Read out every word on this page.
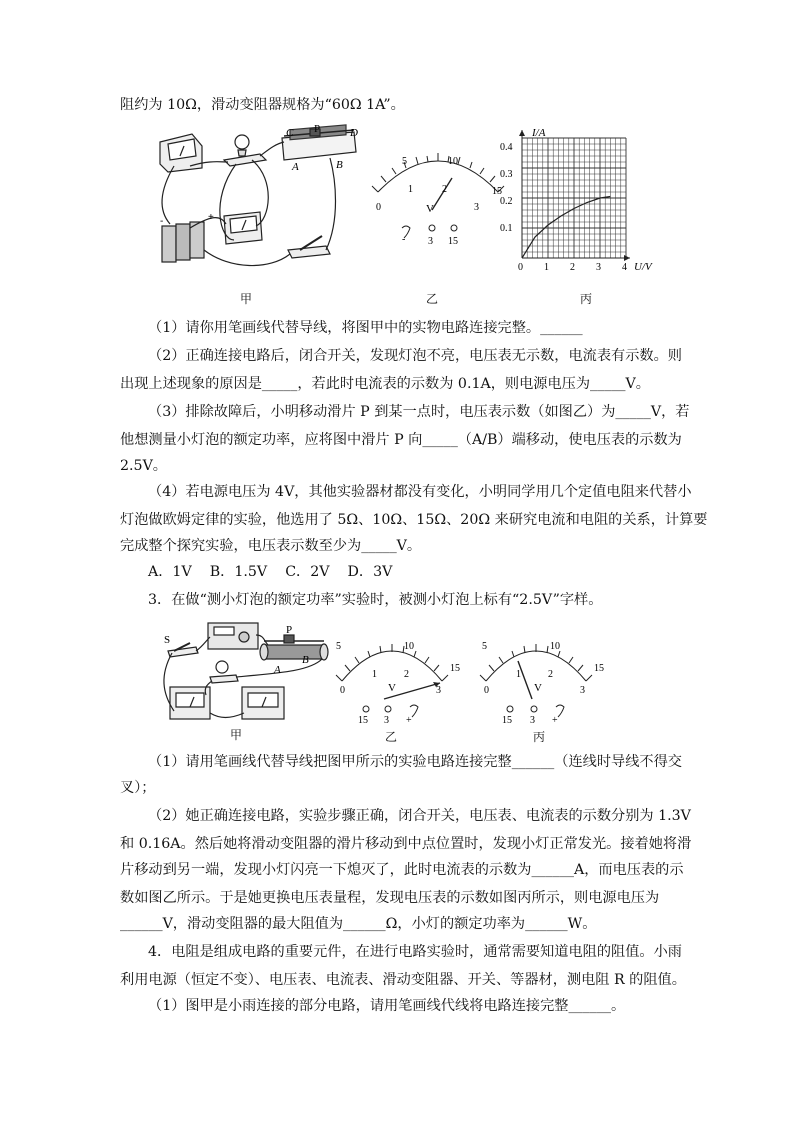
阻约为 10Ω，滑动变阻器规格为“60Ω 1A”。
C P	D
A	B
-	+
0
5	10
15
1	2
3
V
- 3 15
I/A
U/V
0.4
0.3
0.2
0.1
0 1 2 3 4
甲	乙	丙
（1）请你用笔画线代替导线，将图甲中的实物电路连接完整。______
（2）正确连接电路后，闭合开关，发现灯泡不亮，电压表无示数，电流表有示数。则
出现上述现象的原因是_____，若此时电流表的示数为 0.1A，则电源电压为_____V。
（3）排除故障后，小明移动滑片 P 到某一点时，电压表示数（如图乙）为_____V，若
他想测量小灯泡的额定功率，应将图中滑片 P 向_____（A/B）端移动，使电压表的示数为
2.5V。
（4）若电源电压为 4V，其他实验器材都没有变化，小明同学用几个定值电阻来代替小
灯泡做欧姆定律的实验，他选用了 5Ω、10Ω、15Ω、20Ω 来研究电流和电阻的关系，计算要
完成整个探究实验，电压表示数至少为_____V。
A．1V    B．1.5V    C．2V    D．3V
3．在做“测小灯泡的额定功率”实验时，被测小灯泡上标有“2.5V”字样。
S
P
A
B
0
5	10
15
1	2
3
V
15 3 +
0
5	10
15
1	2
3
V
15 3 +
甲	乙	丙
（1）请用笔画线代替导线把图甲所示的实验电路连接完整______（连线时导线不得交
叉）；
（2）她正确连接电路，实验步骤正确，闭合开关，电压表、电流表的示数分别为 1.3V
和 0.16A。然后她将滑动变阻器的滑片移动到中点位置时，发现小灯正常发光。接着她将滑
片移动到另一端，发现小灯闪亮一下熄灭了，此时电流表的示数为______A，而电压表的示
数如图乙所示。于是她更换电压表量程，发现电压表的示数如图丙所示，则电源电压为
______V，滑动变阻器的最大阻值为______Ω，小灯的额定功率为______W。
4．电阻是组成电路的重要元件，在进行电路实验时，通常需要知道电阻的阻值。小雨
利用电源（恒定不变）、电压表、电流表、滑动变阻器、开关、等器材，测电阻 R 的阻值。
（1）图甲是小雨连接的部分电路，请用笔画线代线将电路连接完整______。
